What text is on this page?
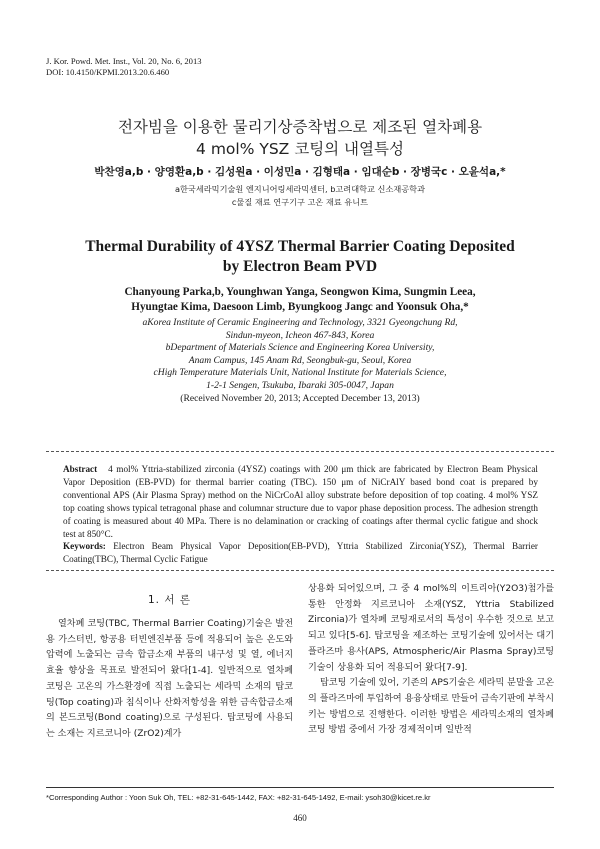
J. Kor. Powd. Met. Inst., Vol. 20, No. 6, 2013
DOI: 10.4150/KPMI.2013.20.6.460
전자빔을 이용한 물리기상증착법으로 제조된 열차폐용
4 mol% YSZ 코팅의 내열특성
박찬영a,b · 양영환a,b · 김성원a · 이성민a · 김형태a · 임대순b · 장병국c · 오윤석a,*
a한국세라믹기술원 엔지니어링세라믹센터, b고려대학교 신소재공학과
c물질 재료 연구기구 고온 재료 유니트
Thermal Durability of 4YSZ Thermal Barrier Coating Deposited
by Electron Beam PVD
Chanyoung Parka,b, Younghwan Yanga, Seongwon Kima, Sungmin Leea,
Hyungtae Kima, Daesoon Limb, Byungkoog Jangc and Yoonsuk Oha,*
aKorea Institute of Ceramic Engineering and Technology, 3321 Gyeongchung Rd,
Sindun-myeon, Icheon 467-843, Korea
bDepartment of Materials Science and Engineering Korea University,
Anam Campus, 145 Anam Rd, Seongbuk-gu, Seoul, Korea
cHigh Temperature Materials Unit, National Institute for Materials Science,
1-2-1 Sengen, Tsukuba, Ibaraki 305-0047, Japan
(Received November 20, 2013; Accepted December 13, 2013)

Abstract 4 mol% Yttria-stabilized zirconia (4YSZ) coatings with 200 μm thick are fabricated by Electron Beam Physical Vapor Deposition (EB-PVD) for thermal barrier coating (TBC). 150 μm of NiCrAlY based bond coat is prepared by conventional APS (Air Plasma Spray) method on the NiCrCoAl alloy substrate before deposition of top coating. 4 mol% YSZ top coating shows typical tetragonal phase and columnar structure due to vapor phase deposition process. The adhesion strength of coating is measured about 40 MPa. There is no delamination or cracking of coatings after thermal cyclic fatigue and shock test at 850°C.

Keywords: Electron Beam Physical Vapor Deposition(EB-PVD), Yttria Stabilized Zirconia(YSZ), Thermal Barrier Coating(TBC), Thermal Cyclic Fatigue

1. 서 론

열차폐 코팅(TBC, Thermal Barrier Coating)기술은 발전용 가스터빈, 항공용 터빈엔진부품 등에 적용되어 높은 온도와 압력에 노출되는 금속 합금소재 부품의 내구성 및 열, 에너지 효율 향상을 목표로 발전되어 왔다[1-4]. 일반적으로 열차폐 코팅은 고온의 가스환경에 직접 노출되는 세라믹 소재의 탑코팅(Top coating)과 침식이나 산화저항성을 위한 금속합금소재의 본드코팅(Bond coating)으로 구성된다. 탑코팅에 사용되는 소재는 지르코니아 (ZrO2)계가

상용화 되어있으며, 그 중 4 mol%의 이트리아(Y2O3)첨가를 통한 안정화 지르코니아 소재(YSZ, Yttria Stabilized Zirconia)가 열차폐 코팅재로서의 특성이 우수한 것으로 보고되고 있다[5-6]. 탑코팅을 제조하는 코팅기술에 있어서는 대기 플라즈마 용사(APS, Atmospheric/Air Plasma Spray)코팅기술이 상용화 되어 적용되어 왔다[7-9].

탑코팅 기술에 있어, 기존의 APS기술은 세라믹 분말을 고온의 플라즈마에 투입하여 용융상태로 만들어 금속기판에 부착시키는 방법으로 진행한다. 이러한 방법은 세라믹소재의 열차폐코팅 방법 중에서 가장 경제적이며 일반적

*Corresponding Author : Yoon Suk Oh, TEL: +82-31-645-1442, FAX: +82-31-645-1492, E-mail: ysoh30@kicet.re.kr
460
